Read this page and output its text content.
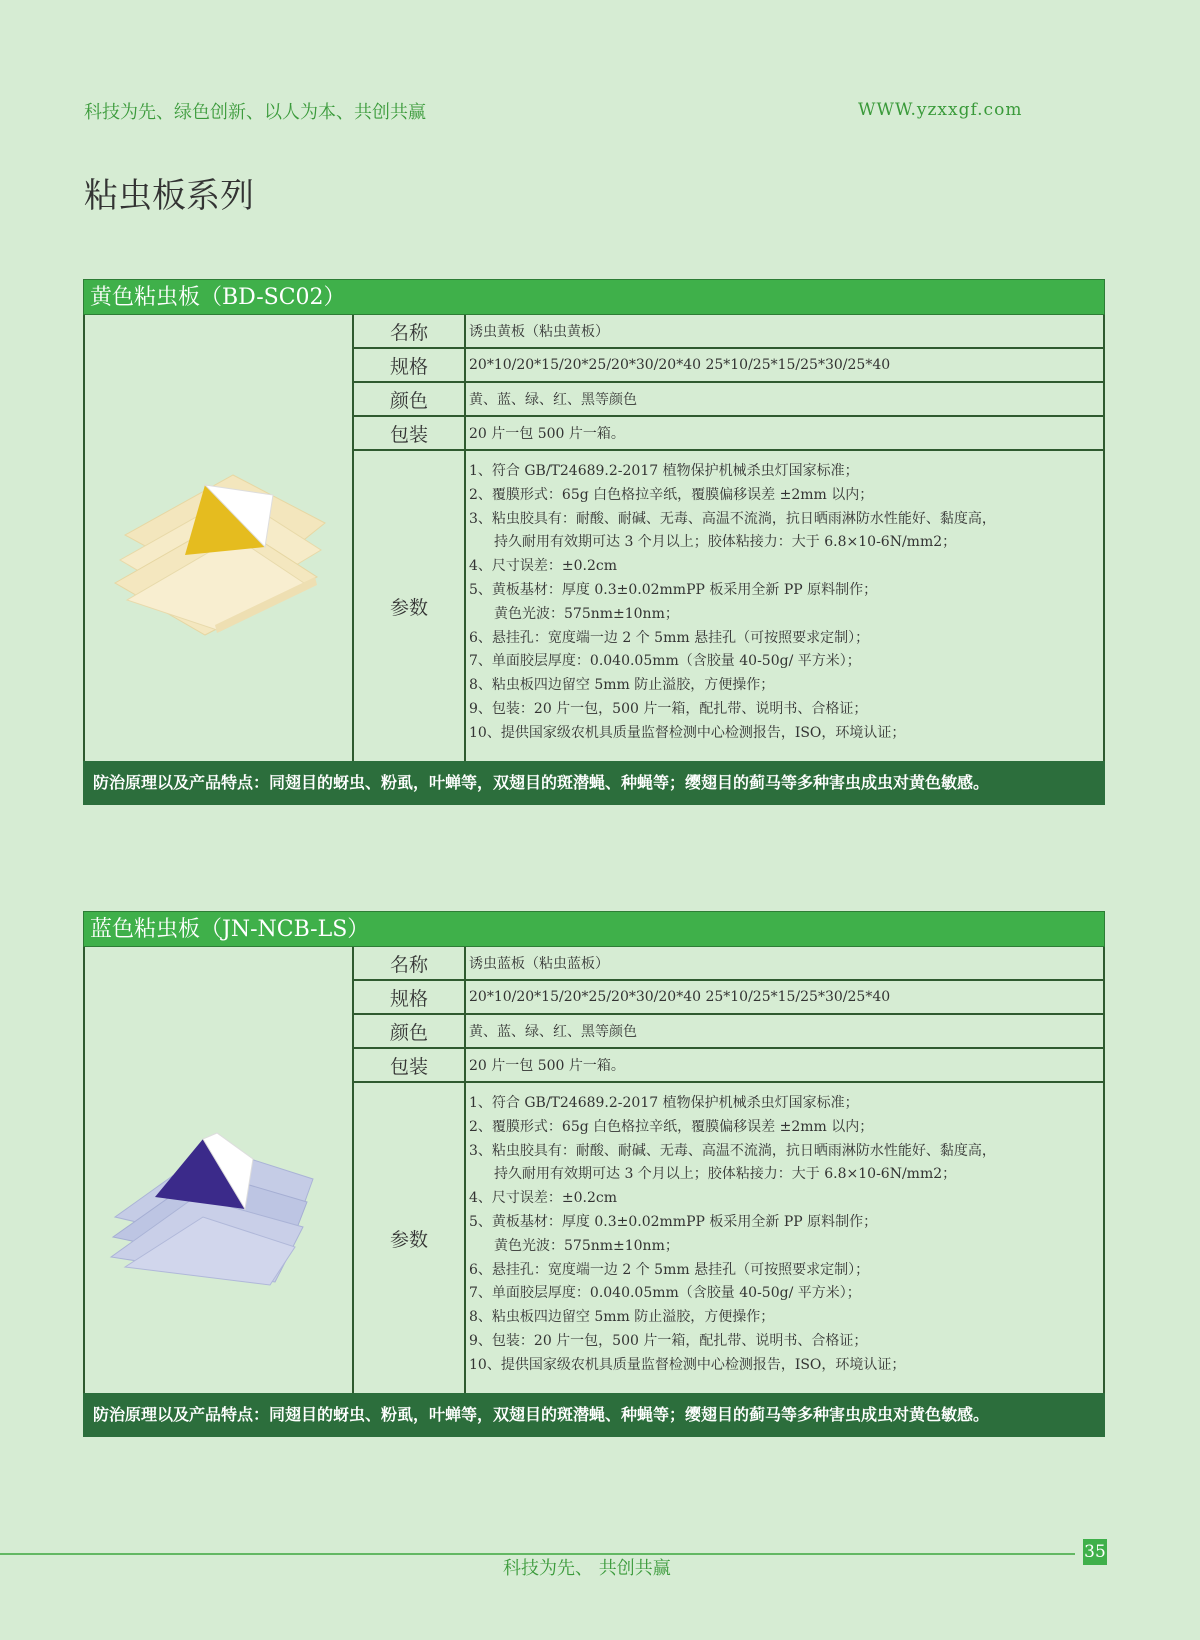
科技为先、绿色创新、以人为本、共创共赢	WWW.yzxxgf.com
粘虫板系列
黄色粘虫板（BD-SC02）
名称	诱虫黄板（粘虫黄板）
规格	20*10/20*15/20*25/20*30/20*40 25*10/25*15/25*30/25*40
颜色	黄、蓝、绿、红、黑等颜色
包装	20 片一包 500 片一箱。
参数
1、符合 GB/T24689.2-2017 植物保护机械杀虫灯国家标准；
2、覆膜形式：65g 白色格拉辛纸，覆膜偏移误差 ±2mm 以内；
3、粘虫胶具有：耐酸、耐碱、无毒、高温不流淌，抗日晒雨淋防水性能好、黏度高，
持久耐用有效期可达 3 个月以上；胶体粘接力：大于 6.8×10-6N/mm2；
4、尺寸误差：±0.2cm
5、黄板基材：厚度 0.3±0.02mmPP 板采用全新 PP 原料制作；
黄色光波：575nm±10nm；
6、悬挂孔：宽度端一边 2 个 5mm 悬挂孔（可按照要求定制）；
7、单面胶层厚度：0.040.05mm（含胶量 40-50g/ 平方米）；
8、粘虫板四边留空 5mm 防止溢胶，方便操作；
9、包装：20 片一包，500 片一箱，配扎带、说明书、合格证；
10、提供国家级农机具质量监督检测中心检测报告，ISO，环境认证；
防治原理以及产品特点：同翅目的蚜虫、粉虱，叶蝉等，双翅目的斑潜蝇、种蝇等；缨翅目的蓟马等多种害虫成虫对黄色敏感。
蓝色粘虫板（JN-NCB-LS）
名称	诱虫蓝板（粘虫蓝板）
规格	20*10/20*15/20*25/20*30/20*40 25*10/25*15/25*30/25*40
颜色	黄、蓝、绿、红、黑等颜色
包装	20 片一包 500 片一箱。
参数
1、符合 GB/T24689.2-2017 植物保护机械杀虫灯国家标准；
2、覆膜形式：65g 白色格拉辛纸，覆膜偏移误差 ±2mm 以内；
3、粘虫胶具有：耐酸、耐碱、无毒、高温不流淌，抗日晒雨淋防水性能好、黏度高，
持久耐用有效期可达 3 个月以上；胶体粘接力：大于 6.8×10-6N/mm2；
4、尺寸误差：±0.2cm
5、黄板基材：厚度 0.3±0.02mmPP 板采用全新 PP 原料制作；
黄色光波：575nm±10nm；
6、悬挂孔：宽度端一边 2 个 5mm 悬挂孔（可按照要求定制）；
7、单面胶层厚度：0.040.05mm（含胶量 40-50g/ 平方米）；
8、粘虫板四边留空 5mm 防止溢胶，方便操作；
9、包装：20 片一包，500 片一箱，配扎带、说明书、合格证；
10、提供国家级农机具质量监督检测中心检测报告，ISO，环境认证；
防治原理以及产品特点：同翅目的蚜虫、粉虱，叶蝉等，双翅目的斑潜蝇、种蝇等；缨翅目的蓟马等多种害虫成虫对黄色敏感。
35
科技为先、 共创共赢
